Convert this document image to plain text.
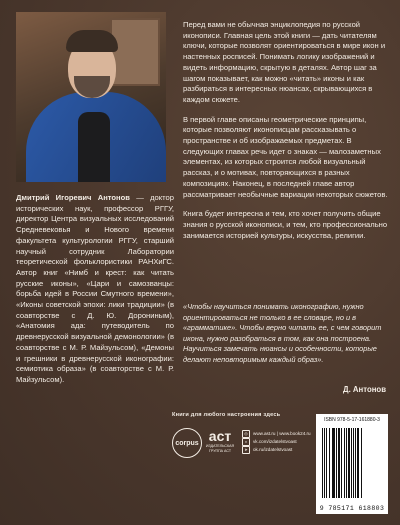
Дмитрий Игоревич Антонов — доктор исторических наук, профессор РГГУ, директор Центра визуальных исследований Средневековья и Нового времени факультета культурологии РГГУ, старший научный сотрудник Лаборатории теоретической фольклористики РАНХиГС. Автор книг «Нимб и крест: как читать русские иконы», «Цари и самозванцы: борьба идей в России Смутного времени», «Иконы советской эпохи: лики традиции» (в соавторстве с Д. Ю. Дорониным), «Анатомия ада: путеводитель по древнерусской визуальной демонологии» (в соавторстве с М. Р. Майзульсом), «Демоны и грешники в древнерусской иконографии: семиотика образа» (в соавторстве с М. Р. Майзульсом).

Перед вами не обычная энциклопедия по русской иконописи. Главная цель этой книги — дать читателям ключи, которые позволят ориентироваться в мире икон и настенных росписей. Понимать логику изображений и видеть информацию, скрытую в деталях. Автор шаг за шагом показывает, как можно «читать» иконы и как разбираться в интересных нюансах, скрывающихся в каждом сюжете.

В первой главе описаны геометрические принципы, которые позволяют иконописцам рассказывать о пространстве и об изображаемых предметах. В следующих главах речь идет о знаках — малозаметных элементах, из которых строится любой визуальный рассказ, и о мотивах, повторяющихся в разных композициях. Наконец, в последней главе автор рассматривает необычные вариации некоторых сюжетов.

Книга будет интересна и тем, кто хочет получить общие знания о русской иконописи, и тем, кто профессионально занимается историей культуры, искусства, религии.

«Чтобы научиться понимать иконографию, нужно ориентироваться не только в ее словаре, но и в «грамматике». Чтобы верно читать ее, с чем говорит икона, нужно разобраться в том, как она построена. Научиться замечать нюансы и особенности, которые делают неповторимым каждый образ».
Д. Антонов
Книги для любого настроения здесь
corpus аст
ИЗДАТЕЛЬСКАЯ ГРУППА АСТ
◎	www.ast.ru | www.book24.ru
v	vk.com/izdatelstvoast
➤	ok.ru/izdatelstvoast
ISBN 978-5-17-161880-3
9 785171 618803
